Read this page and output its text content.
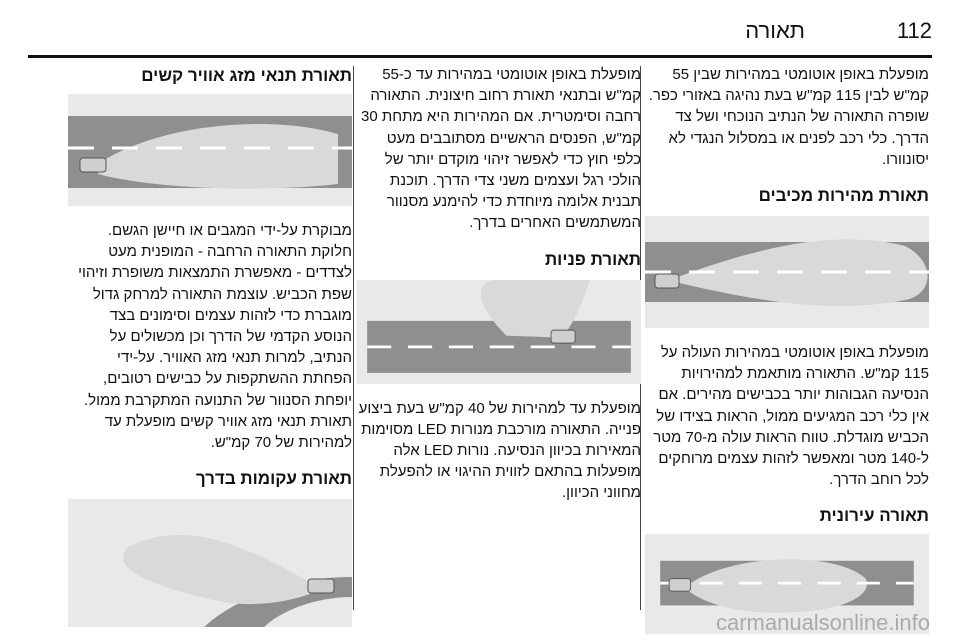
תאורה	112

מופעלת באופן אוטומטי במהירות שבין 55 קמ"ש לבין 115 קמ"ש בעת נהיגה באזורי כפר. שופרה התאורה של הנתיב הנוכחי ושל צד הדרך. כלי רכב לפנים או במסלול הנגדי לא יסונוורו.

תאורת מהירות מכיבים

מופעלת באופן אוטומטי במהירות העולה על 115 קמ"ש. התאורה מותאמת למהירויות הנסיעה הגבוהות יותר בכבישים מהירים. אם אין כלי רכב המגיעים ממול, הראות בצידו של הכביש מוגדלת. טווח הראות עולה מ-70 מטר ל-140 מטר ומאפשר לזהות עצמים מרוחקים לכל רוחב הדרך.

תאורה עירונית

מופעלת באופן אוטומטי במהירות עד כ-55 קמ"ש ובתנאי תאורת רחוב חיצונית. התאורה רחבה וסימטרית. אם המהירות היא מתחת 30 קמ"ש, הפנסים הראשיים מסתובבים מעט כלפי חוץ כדי לאפשר זיהוי מוקדם יותר של הולכי רגל ועצמים משני צדי הדרך. תוכנת תבנית אלומה מיוחדת כדי להימנע מסנוור המשתמשים האחרים בדרך.

תאורת פניות

מופעלת עד למהירות של 40 קמ"ש בעת ביצוע פנייה. התאורה מורכבת מנורות LED מסוימות המאירות בכיוון הנסיעה. נורות LED אלה מופעלות בהתאם לזווית ההיגוי או להפעלת מחווני הכיוון.

תאורת תנאי מזג אוויר קשים

מבוקרת על-ידי המגבים או חיישן הגשם. חלוקת התאורה הרחבה - המופנית מעט לצדדים - מאפשרת התמצאות משופרת וזיהוי שפת הכביש. עוצמת התאורה למרחק גדול מוגברת כדי לזהות עצמים וסימונים בצד הנוסע הקדמי של הדרך וכן מכשולים על הנתיב, למרות תנאי מזג האוויר. על-ידי הפחתת ההשתקפות על כבישים רטובים, יופחת הסנוור של התנועה המתקרבת ממול. תאורת תנאי מזג אוויר קשים מופעלת עד למהירות של 70 קמ"ש.

תאורת עקומות בדרך
carmanualsonline.info
